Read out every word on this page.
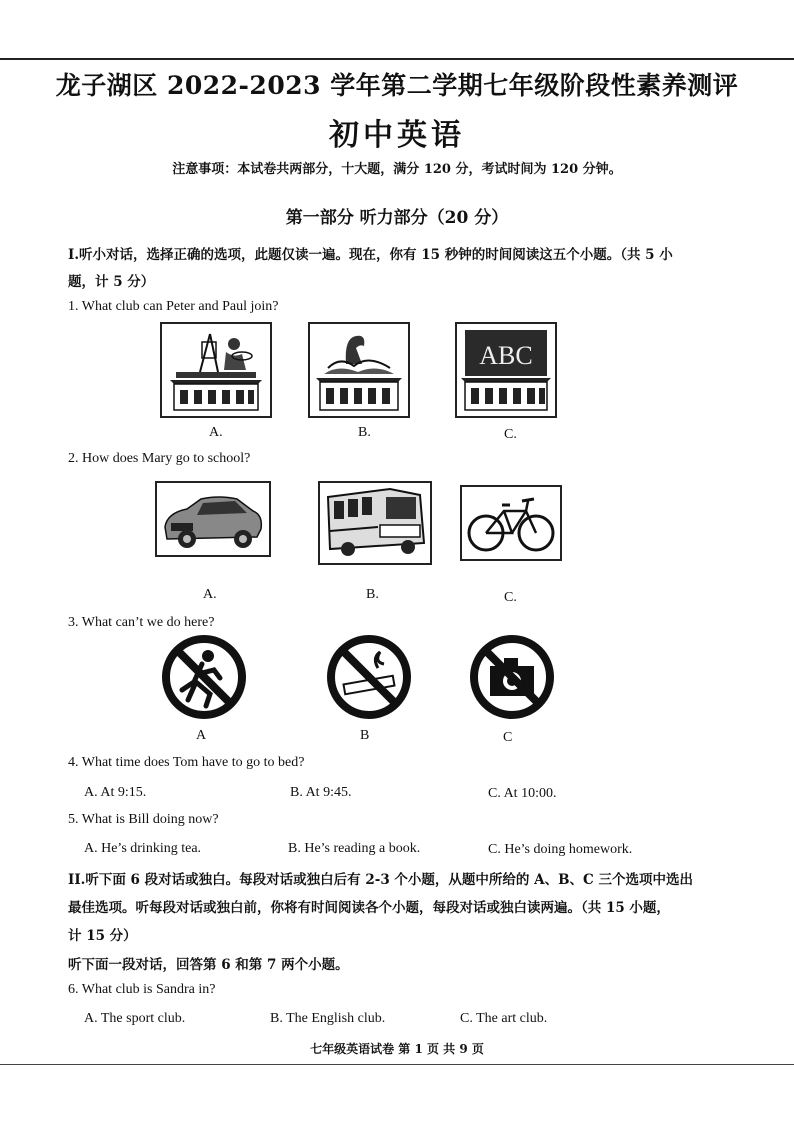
龙子湖区 2022-2023 学年第二学期七年级阶段性素养测评
初中英语
注意事项：本试卷共两部分，十大题，满分 120 分，考试时间为 120 分钟。
第一部分 听力部分（20 分）
I.听小对话，选择正确的选项，此题仅读一遍。现在，你有 15 秒钟的时间阅读这五个小题。（共 5 小
题，计 5 分）
1. What club can Peter and Paul join?
ABC
A.	B.	C.
2. How does Mary go to school?
A.	B.	C.
3. What can’t we do here?
A	B	C
4. What time does Tom have to go to bed?
A. At 9:15.	B. At 9:45.	C. At 10:00.
5. What is Bill doing now?
A. He’s drinking tea.	B. He’s reading a book.	C. He’s doing homework.
II.听下面 6 段对话或独白。每段对话或独白后有 2-3 个小题，从题中所给的 A、B、C 三个选项中选出
最佳选项。听每段对话或独白前，你将有时间阅读各个小题，每段对话或独白读两遍。（共 15 小题，
计 15 分）
听下面一段对话，回答第 6 和第 7 两个小题。
6. What club is Sandra in?
A. The sport club.	B. The English club.	C. The art club.
七年级英语试卷 第 1 页 共 9 页
